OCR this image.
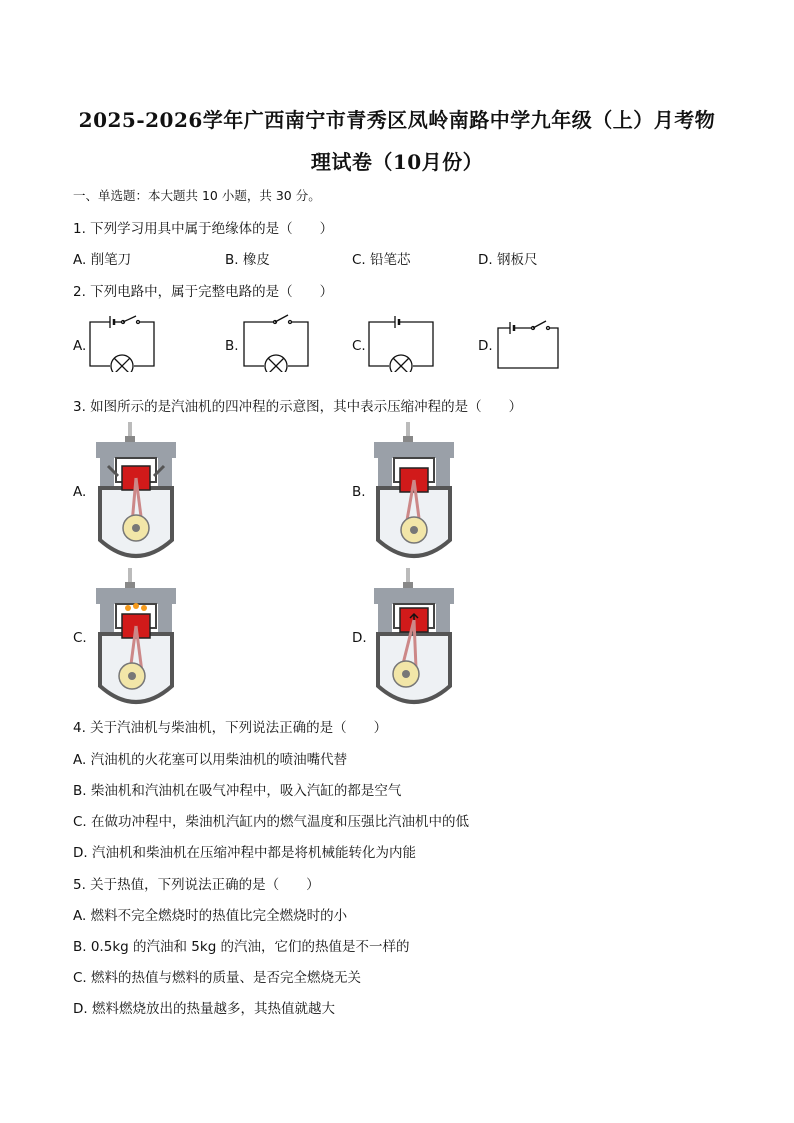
2025-2026学年广西南宁市青秀区凤岭南路中学九年级（上）月考物
理试卷（10月份）
一、单选题：本大题共 10 小题，共 30 分。
1. 下列学习用具中属于绝缘体的是（　　）
A. 削笔刀	B. 橡皮	C. 铅笔芯	D. 钢板尺
2. 下列电路中，属于完整电路的是（　　）
A.	B.	C.	D.
3. 如图所示的是汽油机的四冲程的示意图，其中表示压缩冲程的是（　　）
A.	B.
C.	D.
4. 关于汽油机与柴油机，下列说法正确的是（　　）
A. 汽油机的火花塞可以用柴油机的喷油嘴代替
B. 柴油机和汽油机在吸气冲程中，吸入汽缸的都是空气
C. 在做功冲程中，柴油机汽缸内的燃气温度和压强比汽油机中的低
D. 汽油机和柴油机在压缩冲程中都是将机械能转化为内能
5. 关于热值，下列说法正确的是（　　）
A. 燃料不完全燃烧时的热值比完全燃烧时的小
B. 0.5kg 的汽油和 5kg 的汽油，它们的热值是不一样的
C. 燃料的热值与燃料的质量、是否完全燃烧无关
D. 燃料燃烧放出的热量越多，其热值就越大
